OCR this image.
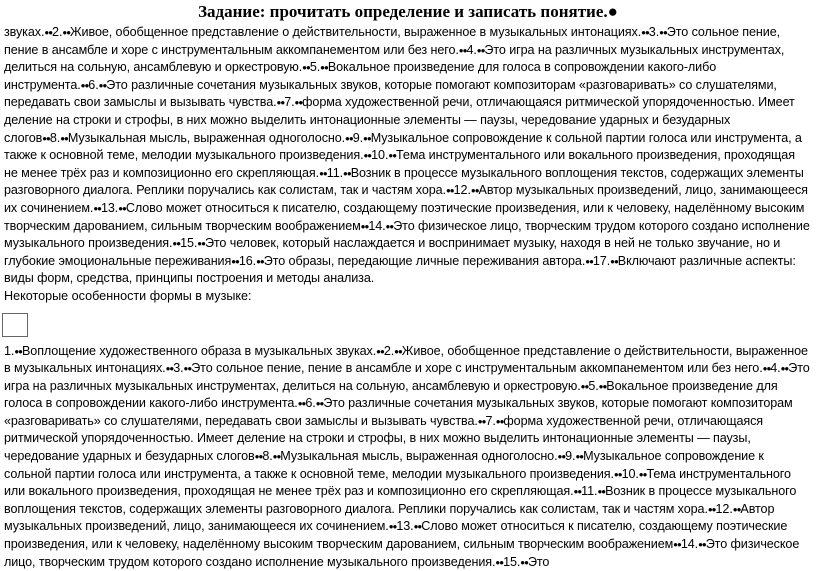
Задание: прочитать определение и записать понятие.●

звуках.●●2.●●Живое, обобщенное представление о действительности, выраженное в музыкальных интонациях.●●3.●●Это сольное пение, пение в ансамбле и хоре с инструментальным аккомпанементом или без него.●●4.●●Это игра на различных музыкальных инструментах, делиться на сольную, ансамблевую и оркестровую.●●5.●●Вокальное произведение для голоса в сопровождении какого-либо инструмента.●●6.●●Это различные сочетания музыкальных звуков, которые помогают композиторам «разговаривать» со слушателями, передавать свои замыслы и вызывать чувства.●●7.●●форма художественной речи, отличающаяся ритмической упорядоченностью. Имеет деление на строки и строфы, в них можно выделить интонационные элементы — паузы, чередование ударных и безударных слогов●●8.●●Музыкальная мысль, выраженная одноголосно.●●9.●●Музыкальное сопровождение к сольной партии голоса или инструмента, а также к основной теме, мелодии музыкального произведения.●●10.●●Тема инструментального или вокального произведения, проходящая не менее трёх раз и композиционно его скрепляющая.●●11.●●Возник в процессе музыкального воплощения текстов, содержащих элементы разговорного диалога. Реплики поручались как солистам, так и частям хора.●●12.●●Автор музыкальных произведений, лицо, занимающееся их сочинением.●●13.●●Слово может относиться к писателю, создающему поэтические произведения, или к человеку, наделённому высоким творческим дарованием, сильным творческим воображением●●14.●●Это физическое лицо, творческим трудом которого создано исполнение музыкального произведения.●●15.●●Это человек, который наслаждается и воспринимает музыку, находя в ней не только звучание, но и глубокие эмоциональные переживания●●16.●●Это образы, передающие личные переживания автора.●●17.●●Включают различные аспекты: виды форм, средства, принципы построения и методы анализа.

Некоторые особенности формы в музыке:

1.●●Воплощение художественного образа в музыкальных звуках.●●2.●●Живое, обобщенное представление о действительности, выраженное в музыкальных интонациях.●●3.●●Это сольное пение, пение в ансамбле и хоре с инструментальным аккомпанементом или без него.●●4.●●Это игра на различных музыкальных инструментах, делиться на сольную, ансамблевую и оркестровую.●●5.●●Вокальное произведение для голоса в сопровождении какого-либо инструмента.●●6.●●Это различные сочетания музыкальных звуков, которые помогают композиторам «разговаривать» со слушателями, передавать свои замыслы и вызывать чувства.●●7.●●форма художественной речи, отличающаяся ритмической упорядоченностью. Имеет деление на строки и строфы, в них можно выделить интонационные элементы — паузы, чередование ударных и безударных слогов●●8.●●Музыкальная мысль, выраженная одноголосно.●●9.●●Музыкальное сопровождение к сольной партии голоса или инструмента, а также к основной теме, мелодии музыкального произведения.●●10.●●Тема инструментального или вокального произведения, проходящая не менее трёх раз и композиционно его скрепляющая.●●11.●●Возник в процессе музыкального воплощения текстов, содержащих элементы разговорного диалога. Реплики поручались как солистам, так и частям хора.●●12.●●Автор музыкальных произведений, лицо, занимающееся их сочинением.●●13.●●Слово может относиться к писателю, создающему поэтические произведения, или к человеку, наделённому высоким творческим дарованием, сильным творческим воображением●●14.●●Это физическое лицо, творческим трудом которого создано исполнение музыкального произведения.●●15.●●Это
